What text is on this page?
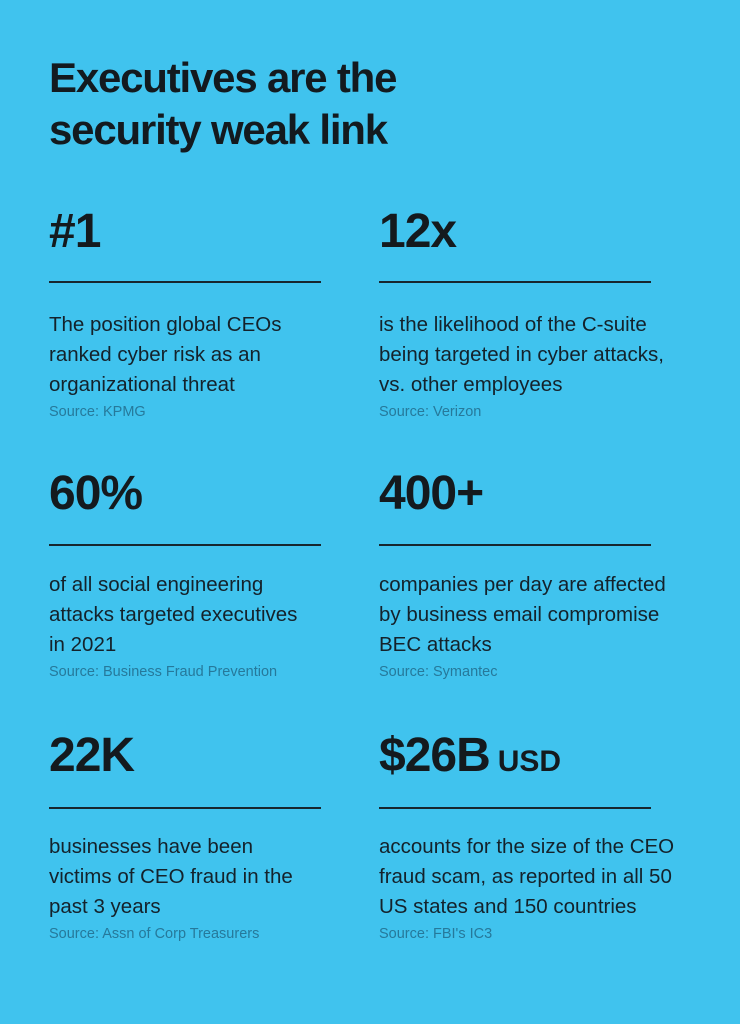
Executives are the
security weak link
#1
The position global CEOs ranked cyber risk as an organizational threat
Source: KPMG
12x
is the likelihood of the C-suite being targeted in cyber attacks, vs. other employees
Source: Verizon
60%
of all social engineering attacks targeted executives in 2021
Source: Business Fraud Prevention
400+
companies per day are affected by business email compromise BEC attacks
Source: Symantec
22K
businesses have been victims of CEO fraud in the past 3 years
Source: Assn of Corp Treasurers
$26B USD
accounts for the size of the CEO fraud scam, as reported in all 50 US states and 150 countries
Source: FBI's IC3
